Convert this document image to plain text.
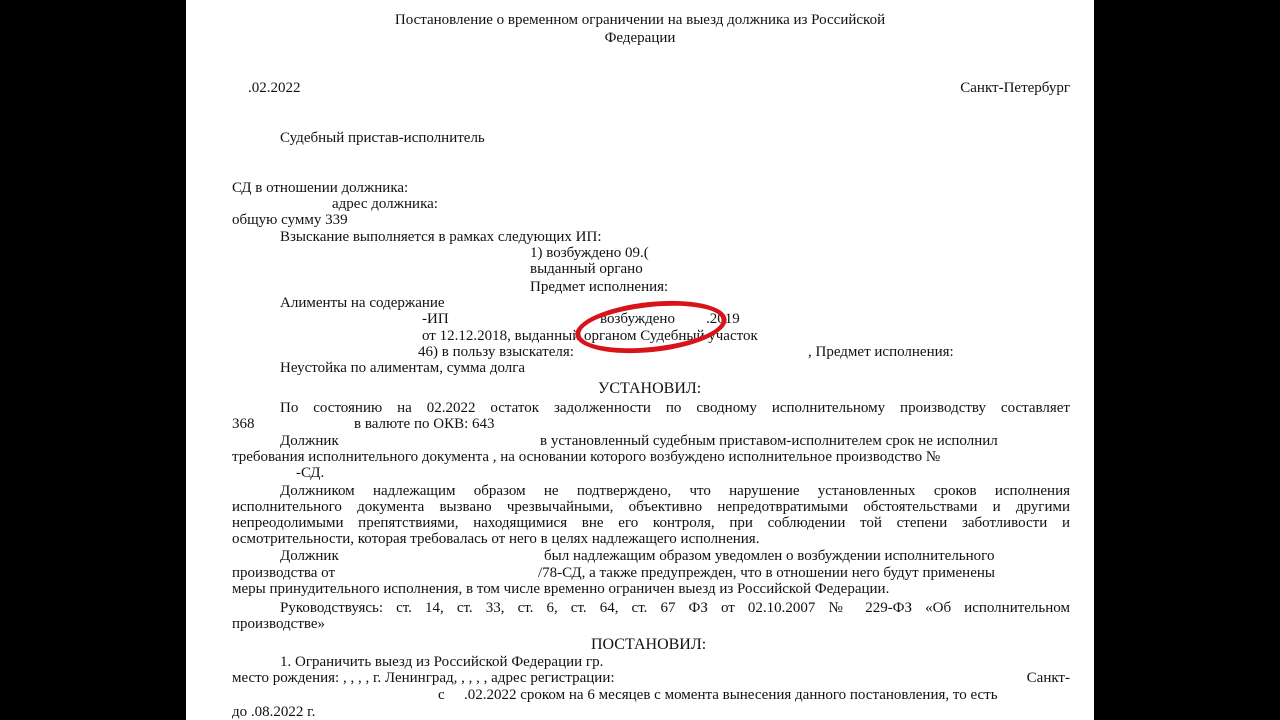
Постановление о временном ограничении на выезд должника из Российской
Федерации
.02.2022	Санкт-Петербург
Судебный пристав-исполнитель
СД в отношении должника:
адрес должника:
общую сумму 339
Взыскание выполняется в рамках следующих ИП:
1) возбуждено 09.(
выданный органо
Предмет исполнения:
Алименты на содержание
-ИП	возбуждено .2019
от 12.12.2018, выданный органом Судебный участок
46) в пользу взыскателя:	, Предмет исполнения:
Неустойка по алиментам, сумма долга
УСТАНОВИЛ:
По состоянию на 02.2022 остаток задолженности по сводному исполнительному производству составляет
368	в валюте по ОКВ: 643
Должник	в установленный судебным приставом-исполнителем срок не исполнил
требования исполнительного документа , на основании которого возбуждено исполнительное производство №
-СД.
Должником надлежащим образом не подтверждено, что нарушение установленных сроков исполнения
исполнительного документа вызвано чрезвычайными, объективно непредотвратимыми обстоятельствами и другими
непреодолимыми препятствиями, находящимися вне его контроля, при соблюдении той степени заботливости и
осмотрительности, которая требовалась от него в целях надлежащего исполнения.
Должник	был надлежащим образом уведомлен о возбуждении исполнительного
производства от	/78-СД, а также предупрежден, что в отношении него будут применены
меры принудительного исполнения, в том числе временно ограничен выезд из Российской Федерации.
Руководствуясь: ст. 14, ст. 33, ст. 6, ст. 64, ст. 67 ФЗ от 02.10.2007 № 229-ФЗ «Об исполнительном
производстве»
ПОСТАНОВИЛ:
1. Ограничить выезд из Российской Федерации гр.
место рождения: , , , , г. Ленинград, , , , , адрес регистрации:	Санкт-
с .02.2022 сроком на 6 месяцев с момента вынесения данного постановления, то есть
до .08.2022 г.
